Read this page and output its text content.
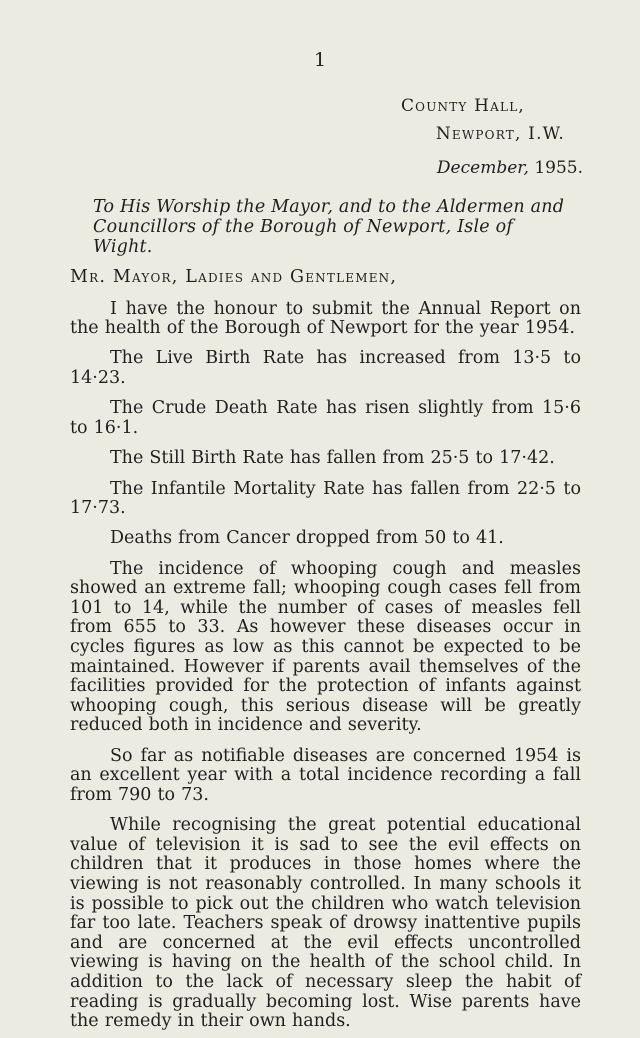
1
County Hall,
Newport, I.W.
December, 1955.
To His Worship the Mayor, and to the Aldermen and
Councillors of the Borough of Newport, Isle of Wight.

Mr. Mayor, Ladies and Gentlemen,

I have the honour to submit the Annual Report on the health of the Borough of Newport for the year 1954.

The Live Birth Rate has increased from 13·5 to 14·23.

The Crude Death Rate has risen slightly from 15·6 to 16·1.

The Still Birth Rate has fallen from 25·5 to 17·42.

The Infantile Mortality Rate has fallen from 22·5 to 17·73.

Deaths from Cancer dropped from 50 to 41.

The incidence of whooping cough and measles showed an extreme fall; whooping cough cases fell from 101 to 14, while the number of cases of measles fell from 655 to 33. As however these diseases occur in cycles figures as low as this cannot be expected to be maintained. However if parents avail themselves of the facilities provided for the protection of infants against whooping cough, this serious disease will be greatly reduced both in incidence and severity.

So far as notifiable diseases are concerned 1954 is an excellent year with a total incidence recording a fall from 790 to 73.

While recognising the great potential educational value of television it is sad to see the evil effects on children that it produces in those homes where the viewing is not reasonably controlled. In many schools it is possible to pick out the children who watch television far too late. Teachers speak of drowsy inattentive pupils and are concerned at the evil effects uncontrolled viewing is having on the health of the school child. In addition to the lack of necessary sleep the habit of reading is gradually becoming lost. Wise parents have the remedy in their own hands.
